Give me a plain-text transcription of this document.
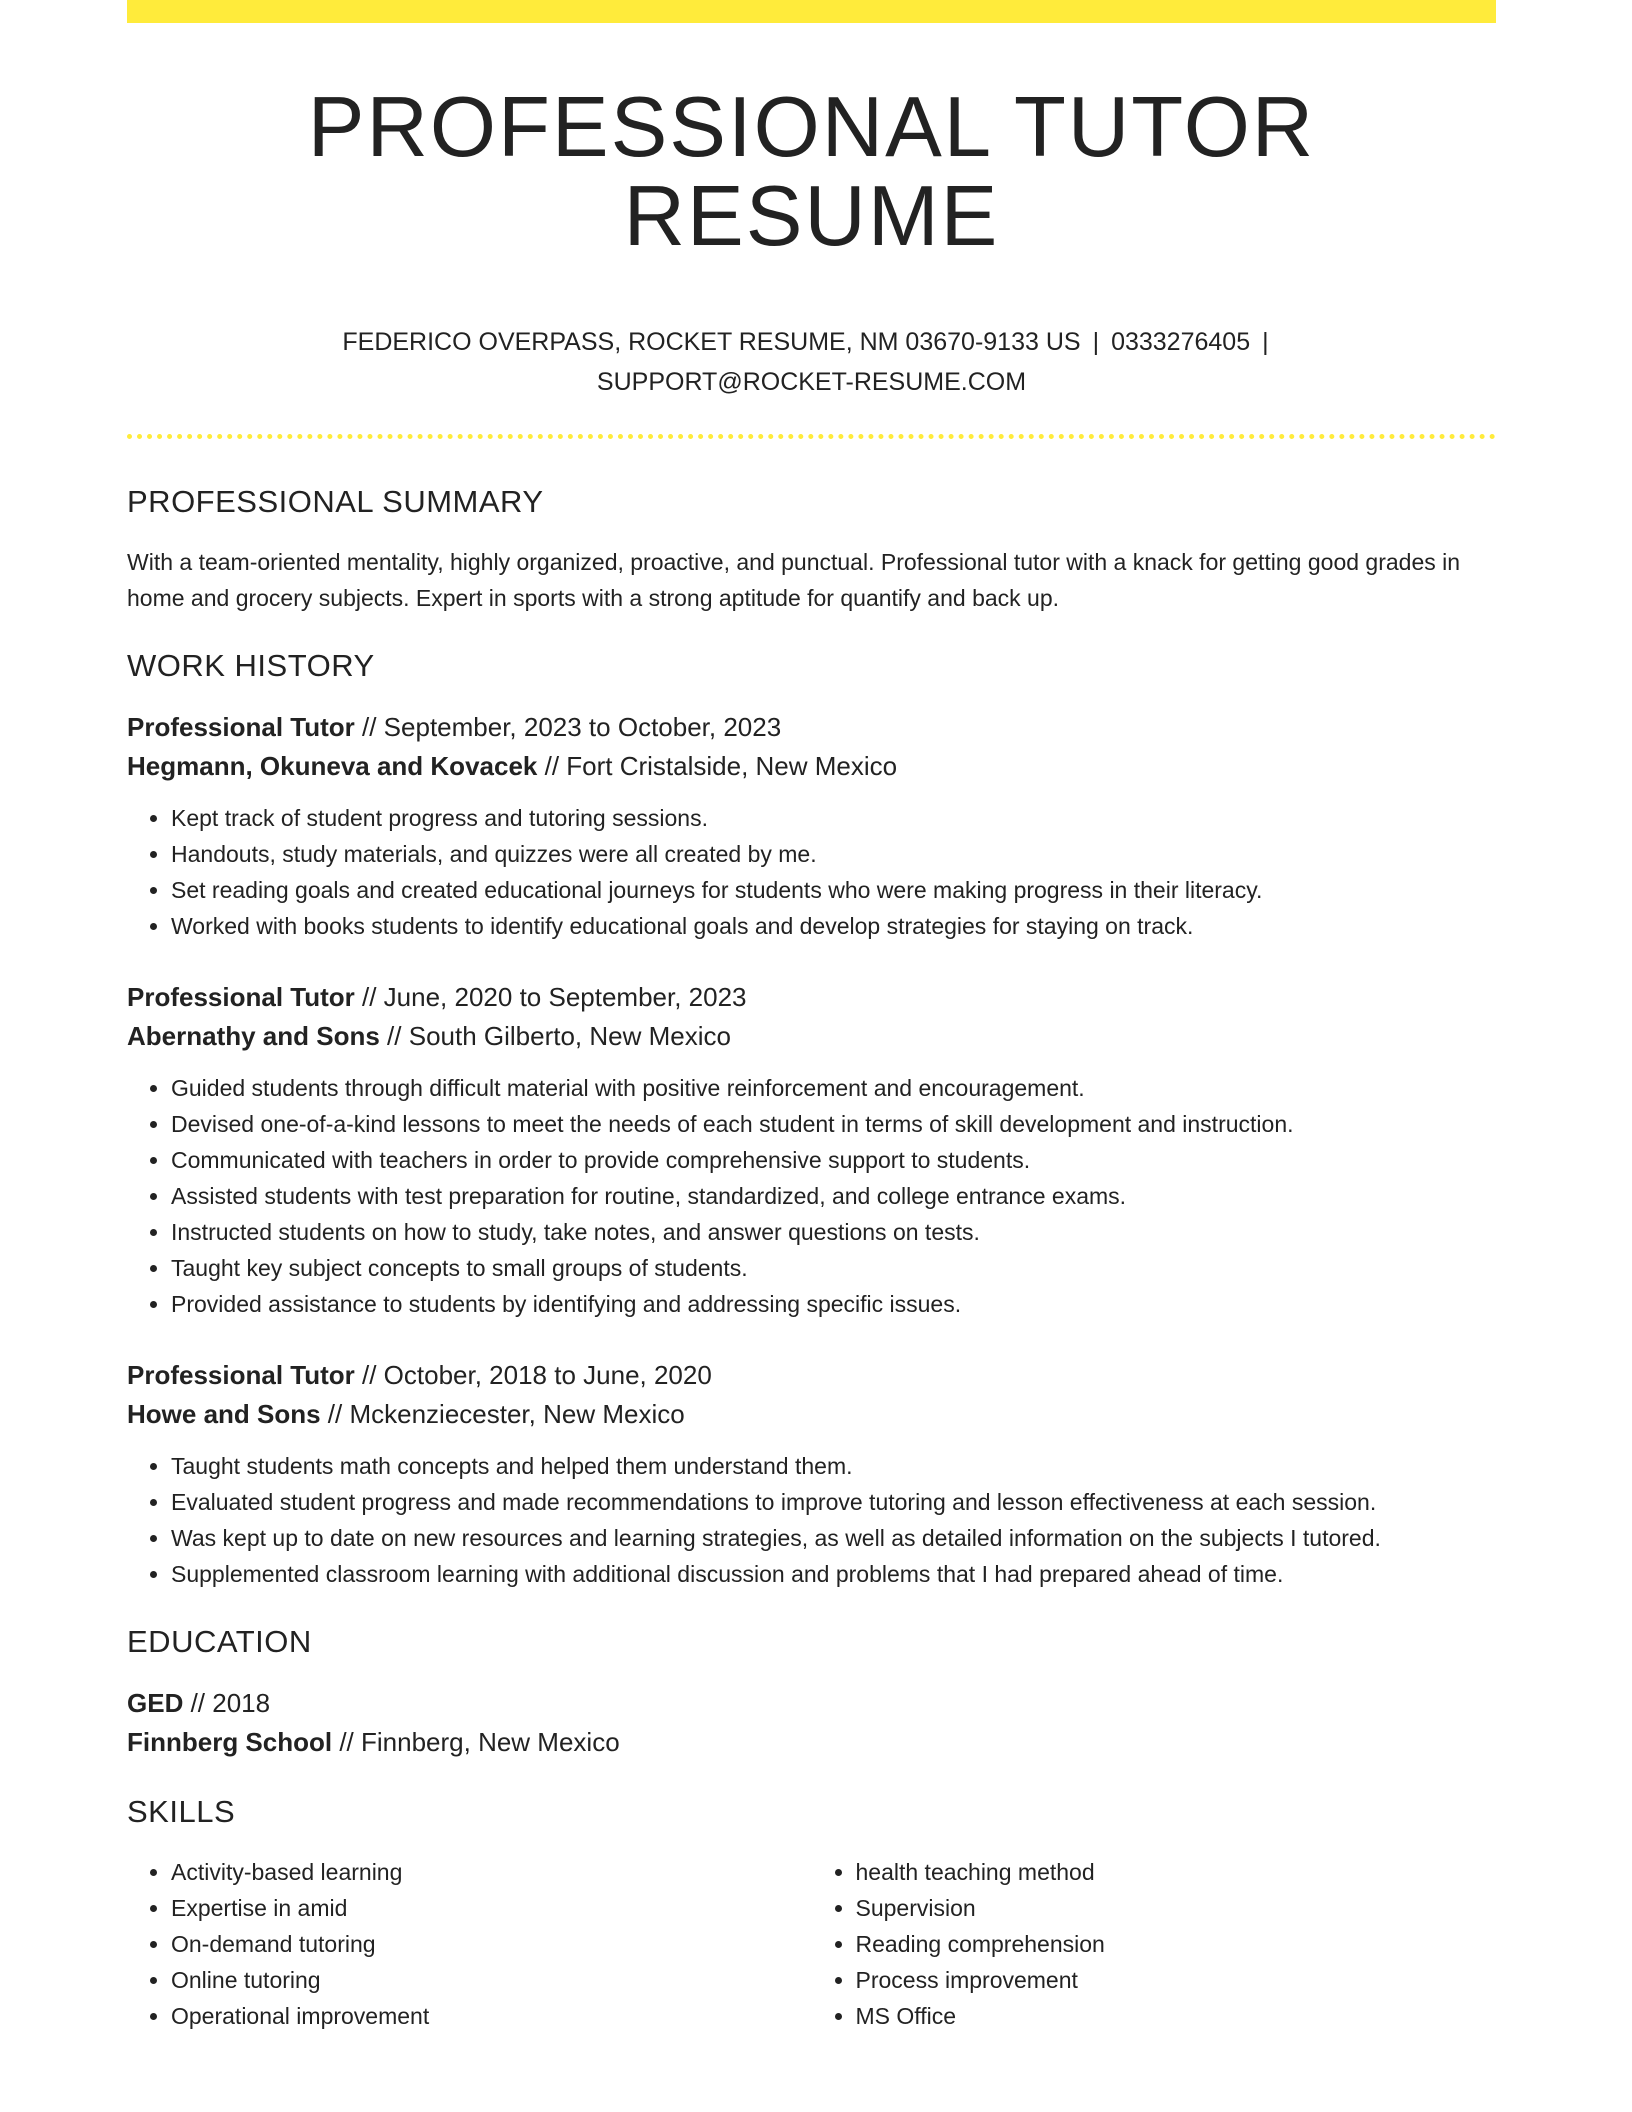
PROFESSIONAL TUTOR RESUME
FEDERICO OVERPASS, ROCKET RESUME, NM 03670-9133 US | 0333276405 |
SUPPORT@ROCKET-RESUME.COM
PROFESSIONAL SUMMARY

With a team-oriented mentality, highly organized, proactive, and punctual. Professional tutor with a knack for getting good grades in home and grocery subjects. Expert in sports with a strong aptitude for quantify and back up.

WORK HISTORY

Professional Tutor // September, 2023 to October, 2023

Hegmann, Okuneva and Kovacek // Fort Cristalside, New Mexico

• Kept track of student progress and tutoring sessions.
• Handouts, study materials, and quizzes were all created by me.
• Set reading goals and created educational journeys for students who were making progress in their literacy.
• Worked with books students to identify educational goals and develop strategies for staying on track.

Professional Tutor // June, 2020 to September, 2023

Abernathy and Sons // South Gilberto, New Mexico

• Guided students through difficult material with positive reinforcement and encouragement.
• Devised one-of-a-kind lessons to meet the needs of each student in terms of skill development and instruction.
• Communicated with teachers in order to provide comprehensive support to students.
• Assisted students with test preparation for routine, standardized, and college entrance exams.
• Instructed students on how to study, take notes, and answer questions on tests.
• Taught key subject concepts to small groups of students.
• Provided assistance to students by identifying and addressing specific issues.

Professional Tutor // October, 2018 to June, 2020

Howe and Sons // Mckenziecester, New Mexico

• Taught students math concepts and helped them understand them.
• Evaluated student progress and made recommendations to improve tutoring and lesson effectiveness at each session.
• Was kept up to date on new resources and learning strategies, as well as detailed information on the subjects I tutored.
• Supplemented classroom learning with additional discussion and problems that I had prepared ahead of time.
EDUCATION

GED // 2018

Finnberg School // Finnberg, New Mexico

SKILLS
• Activity-based learning
• Expertise in amid
• On-demand tutoring
• Online tutoring
• Operational improvement
• health teaching method
• Supervision
• Reading comprehension
• Process improvement
• MS Office
